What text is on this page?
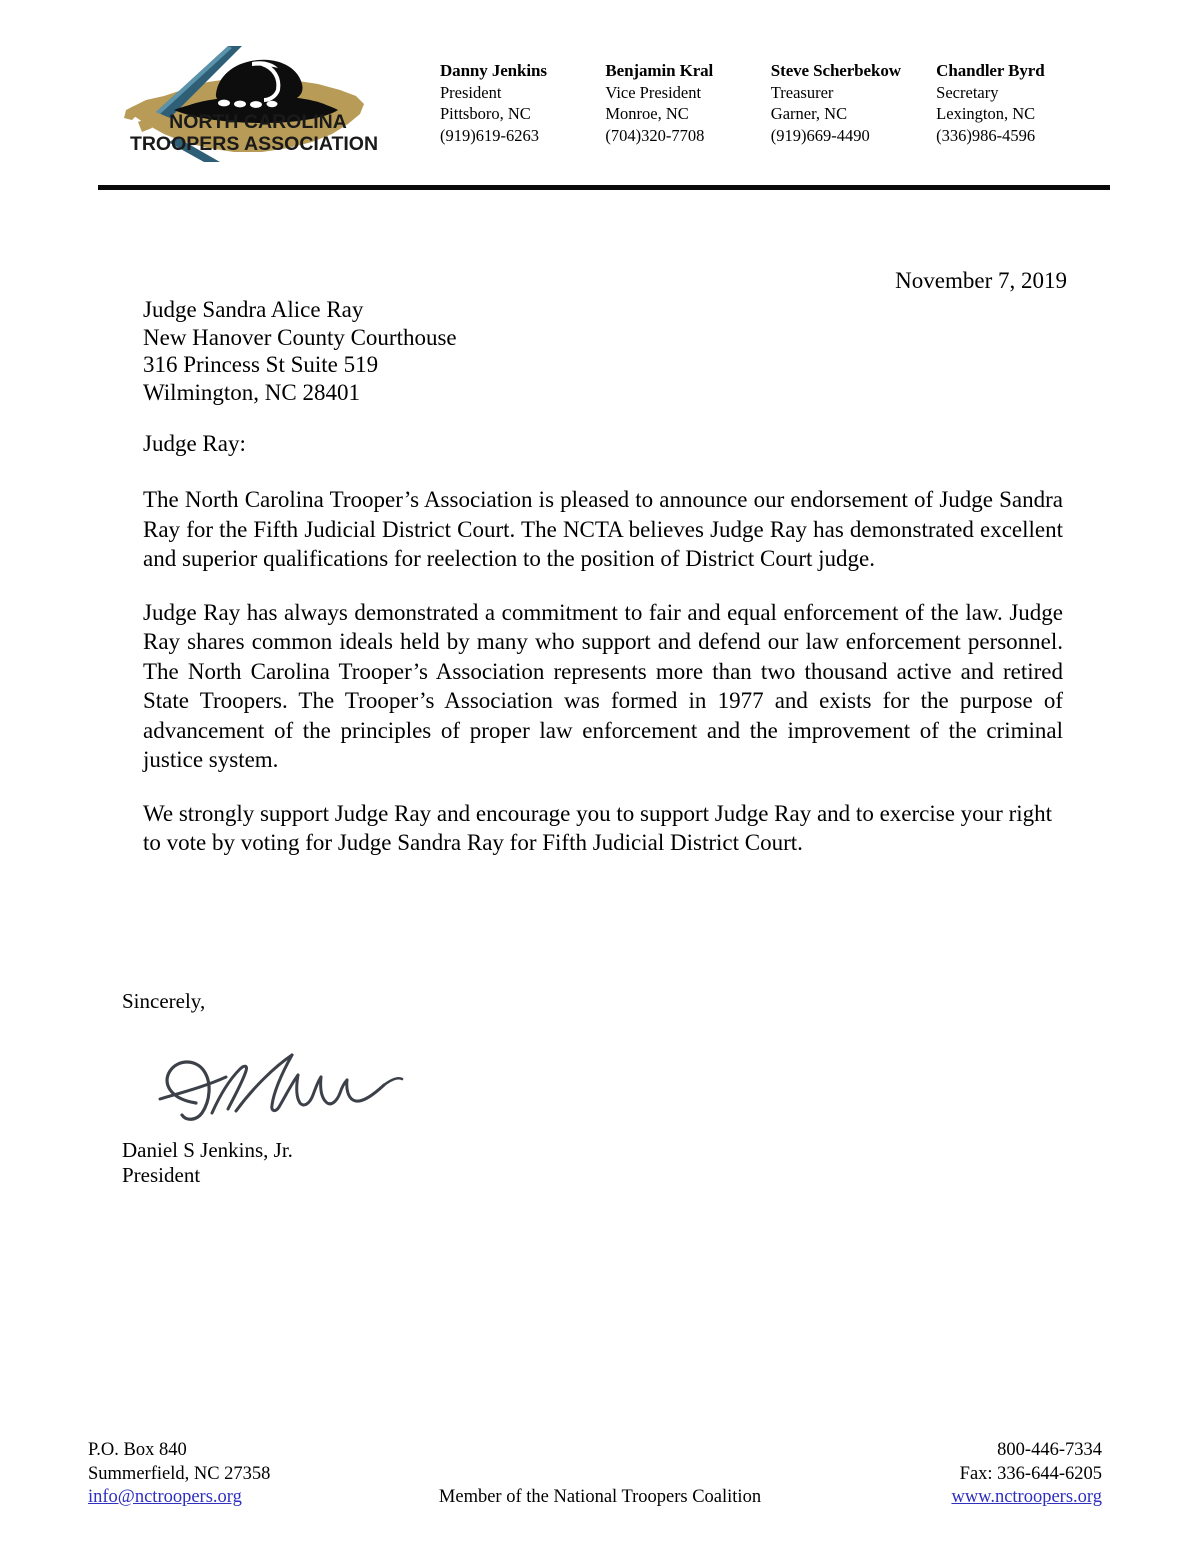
NORTH CAROLINA
TROOPERS ASSOCIATION
Danny Jenkins
President
Pittsboro, NC
(919)619-6263
Benjamin Kral
Vice President
Monroe, NC
(704)320-7708
Steve Scherbekow
Treasurer
Garner, NC
(919)669-4490
Chandler Byrd
Secretary
Lexington, NC
(336)986-4596
November 7, 2019
Judge Sandra Alice Ray
New Hanover County Courthouse
316 Princess St Suite 519
Wilmington, NC 28401
Judge Ray:

The North Carolina Trooper’s Association is pleased to announce our endorsement of Judge Sandra Ray for the Fifth Judicial District Court. The NCTA believes Judge Ray has demonstrated excellent and superior qualifications for reelection to the position of District Court judge.

Judge Ray has always demonstrated a commitment to fair and equal enforcement of the law. Judge Ray shares common ideals held by many who support and defend our law enforcement personnel. The North Carolina Trooper’s Association represents more than two thousand active and retired State Troopers. The Trooper’s Association was formed in 1977 and exists for the purpose of advancement of the principles of proper law enforcement and the improvement of the criminal justice system.

We strongly support Judge Ray and encourage you to support Judge Ray and to exercise your right to vote by voting for Judge Sandra Ray for Fifth Judicial District Court.

Sincerely,
Daniel S Jenkins, Jr.
President
P.O. Box 840
Summerfield, NC 27358
info@nctroopers.org	Member of the National Troopers Coalition
800-446-7334
Fax: 336-644-6205
www.nctroopers.org
